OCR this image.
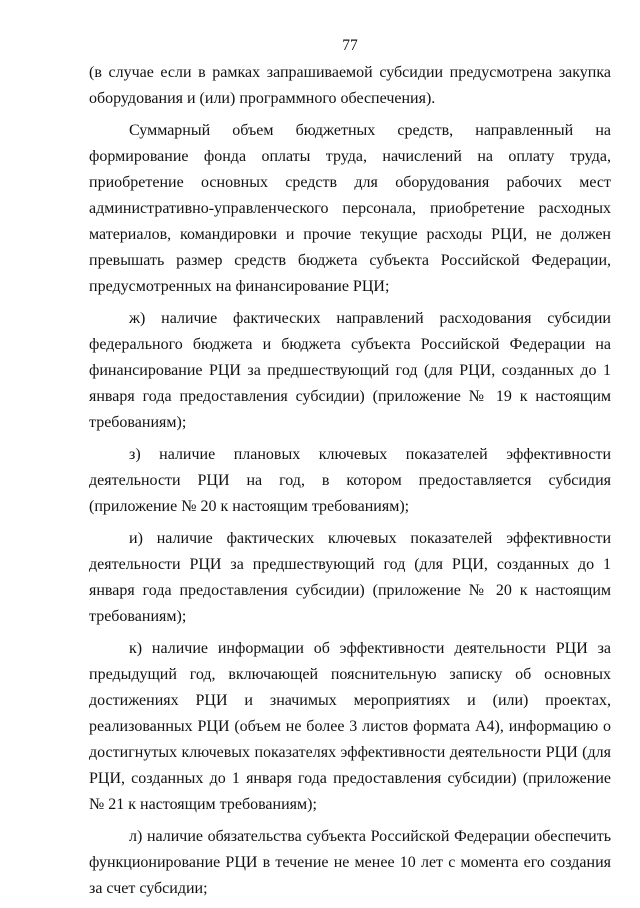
77

(в случае если в рамках запрашиваемой субсидии предусмотрена закупка оборудования и (или) программного обеспечения).

Суммарный объем бюджетных средств, направленный на формирование фонда оплаты труда, начислений на оплату труда, приобретение основных средств для оборудования рабочих мест административно-управленческого персонала, приобретение расходных материалов, командировки и прочие текущие расходы РЦИ, не должен превышать размер средств бюджета субъекта Российской Федерации, предусмотренных на финансирование РЦИ;

ж) наличие фактических направлений расходования субсидии федерального бюджета и бюджета субъекта Российской Федерации на финансирование РЦИ за предшествующий год (для РЦИ, созданных до 1 января года предоставления субсидии) (приложение № 19 к настоящим требованиям);

з) наличие плановых ключевых показателей эффективности деятельности РЦИ на год, в котором предоставляется субсидия (приложение № 20 к настоящим требованиям);

и) наличие фактических ключевых показателей эффективности деятельности РЦИ за предшествующий год (для РЦИ, созданных до 1 января года предоставления субсидии) (приложение № 20 к настоящим требованиям);

к) наличие информации об эффективности деятельности РЦИ за предыдущий год, включающей пояснительную записку об основных достижениях РЦИ и значимых мероприятиях и (или) проектах, реализованных РЦИ (объем не более 3 листов формата А4), информацию о достигнутых ключевых показателях эффективности деятельности РЦИ (для РЦИ, созданных до 1 января года предоставления субсидии) (приложение № 21 к настоящим требованиям);

л) наличие обязательства субъекта Российской Федерации обеспечить функционирование РЦИ в течение не менее 10 лет с момента его создания за счет субсидии;
